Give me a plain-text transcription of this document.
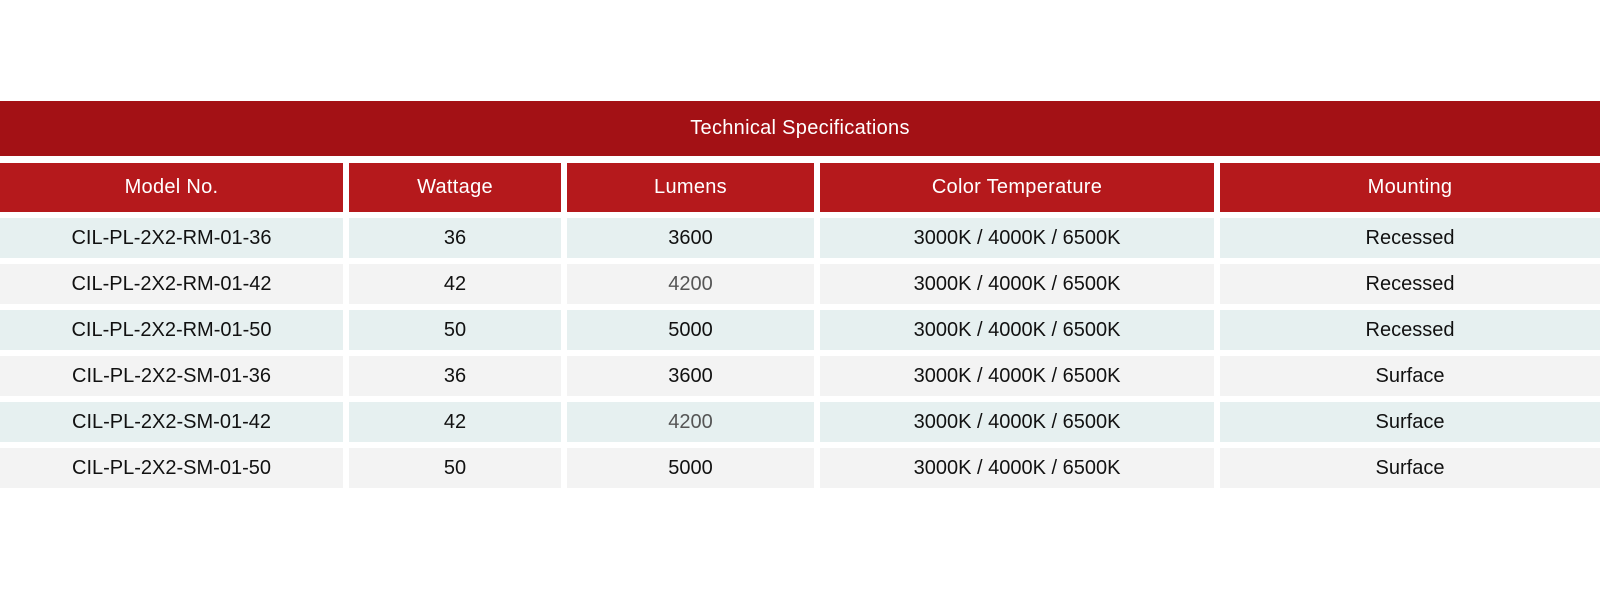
Technical Specifications
Model No.	Wattage	Lumens	Color Temperature	Mounting
CIL-PL-2X2-RM-01-36	36	3600	3000K / 4000K / 6500K	Recessed
CIL-PL-2X2-RM-01-42	42	4200	3000K / 4000K / 6500K	Recessed
CIL-PL-2X2-RM-01-50	50	5000	3000K / 4000K / 6500K	Recessed
CIL-PL-2X2-SM-01-36	36	3600	3000K / 4000K / 6500K	Surface
CIL-PL-2X2-SM-01-42	42	4200	3000K / 4000K / 6500K	Surface
CIL-PL-2X2-SM-01-50	50	5000	3000K / 4000K / 6500K	Surface
